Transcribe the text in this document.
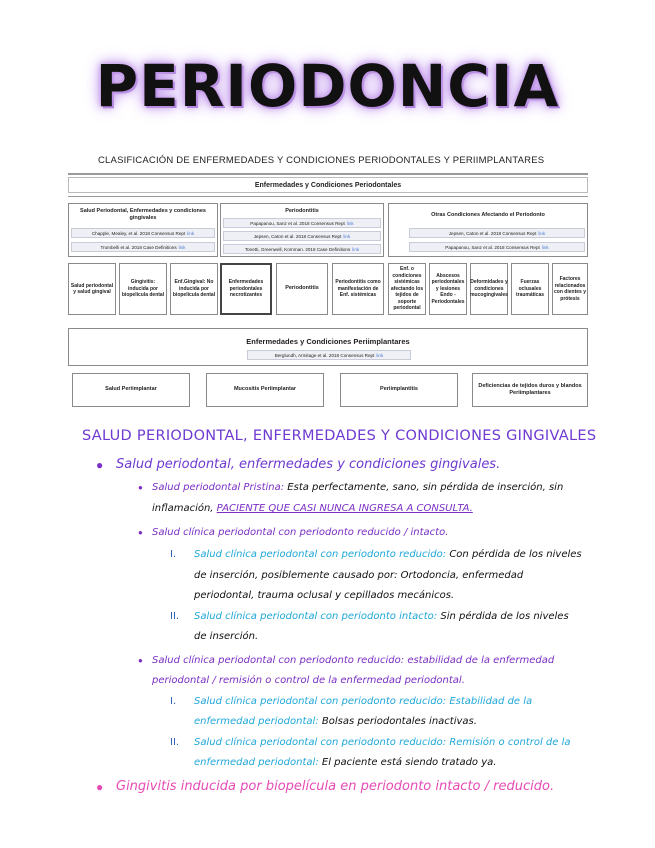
PERIODONCIA
CLASIFICACIÓN DE ENFERMEDADES Y CONDICIONES PERIODONTALES Y PERIIMPLANTARES
Enfermedades y Condiciones Periodontales
Salud Periodontal, Enfermedades y condiciones gingivales
Chapple, Mealey, et al. 2018 Consensus Rept link
Trombelli et al. 2018 Case Definitions link
Salud periodontal y salud gingival
Gingivitis: inducida por biopelícula dental
Enf.Gingival: No inducida por biopelícula dental
Periodontitis
Papapanou, Sanz et al. 2018 Consensus Rept link
Jepsen, Caton et al. 2018 Consensus Rept link
Tonetti, Greenwell, Kornman. 2018 Case Definitions link
Enfermedades periodontales necrotizantes
Periodontitis
Periodontitis como manifestación de Enf. sistémicas
Otras Condiciones Afectando el Periodonto
Jepsen, Caton et al. 2018 Consensus Rept link
Papapanou, Sanz et al. 2018 Consensus Rept link
Enf. o condiciones sistémicas afectando los tejidos de soporte periodontal
Abscesos periodontales y lesiones Endo - Periodontales
Deformidades y condiciones mucogingivales
Fuerzas oclusales traumáticas
Factores relacionados con dientes y prótesis
Enfermedades y Condiciones Periimplantares
Berglundh, Armitage et al. 2018 Consensus Rept link
Salud Periimplantar	Mucositis Periimplantar	Periimplantitis
Deficiencias de tejidos duros y blandos Periimplantares
SALUD PERIODONTAL, ENFERMEDADES Y CONDICIONES GINGIVALES
● Salud periodontal, enfermedades y condiciones gingivales.
● Salud periodontal Pristina: Esta perfectamente, sano, sin pérdida de inserción, sin
inflamación, PACIENTE QUE CASI NUNCA INGRESA A CONSULTA.
● Salud clínica periodontal con periodonto reducido / intacto.
I. Salud clínica periodontal con periodonto reducido: Con pérdida de los niveles
de inserción, posiblemente causado por: Ortodoncia, enfermedad
periodontal, trauma oclusal y cepillados mecánicos.
II. Salud clínica periodontal con periodonto intacto: Sin pérdida de los niveles
de inserción.
● Salud clínica periodontal con periodonto reducido: estabilidad de la enfermedad
periodontal / remisión o control de la enfermedad periodontal.
I. Salud clínica periodontal con periodonto reducido: Estabilidad de la
enfermedad periodontal: Bolsas periodontales inactivas.
II. Salud clínica periodontal con periodonto reducido: Remisión o control de la
enfermedad periodontal: El paciente está siendo tratado ya.
● Gingivitis inducida por biopelícula en periodonto intacto / reducido.
